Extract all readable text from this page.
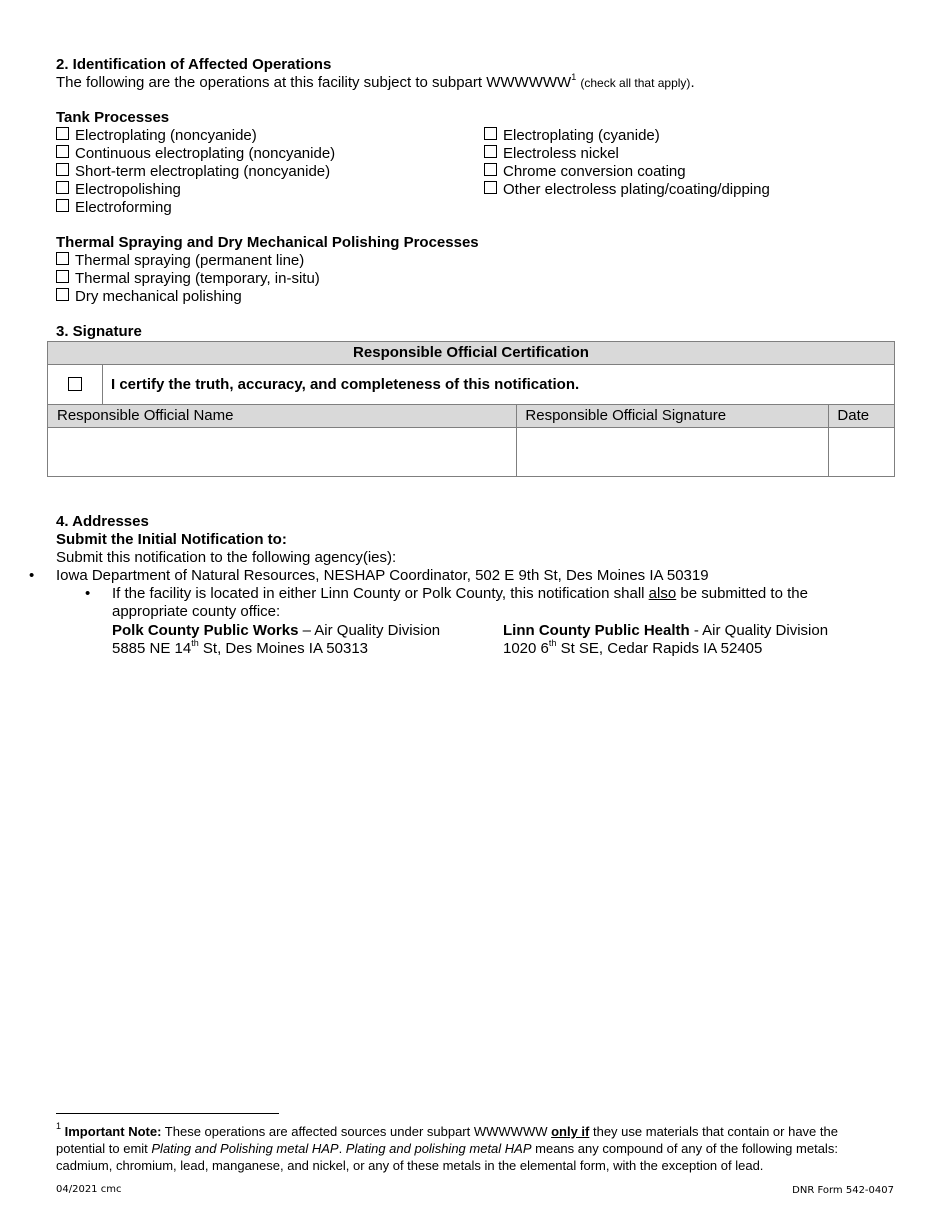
2. Identification of Affected Operations
The following are the operations at this facility subject to subpart WWWWWW$^1$ (check all that apply).
Tank Processes
Electroplating (noncyanide)
Continuous electroplating (noncyanide)
Short-term electroplating (noncyanide)
Electropolishing
Electroforming
Electroplating (cyanide)
Electroless nickel
Chrome conversion coating
Other electroless plating/coating/dipping
Thermal Spraying and Dry Mechanical Polishing Processes
Thermal spraying (permanent line)
Thermal spraying (temporary, in-situ)
Dry mechanical polishing
3. Signature
Responsible Official Certification			
	I certify the truth, accuracy, and completeness of this notification.		
Responsible Official Name		Responsible Official Signature	Date

4. Addresses
Submit the Initial Notification to:
Submit this notification to the following agency(ies):
• Iowa Department of Natural Resources, NESHAP Coordinator, 502 E 9th St, Des Moines IA 50319
• If the facility is located in either Linn County or Polk County, this notification shall also be submitted to the appropriate county office:
Polk County Public Works – Air Quality Division
5885 NE 14th St, Des Moines IA 50313
Linn County Public Health - Air Quality Division
1020 6th St SE, Cedar Rapids IA 52405
$^1$ Important Note: These operations are affected sources under subpart WWWWWW only if they use materials that contain or have the potential to emit Plating and Polishing metal HAP. Plating and polishing metal HAP means any compound of any of the following metals: cadmium, chromium, lead, manganese, and nickel, or any of these metals in the elemental form, with the exception of lead.
04/2021 cmc	DNR Form 542-0407
